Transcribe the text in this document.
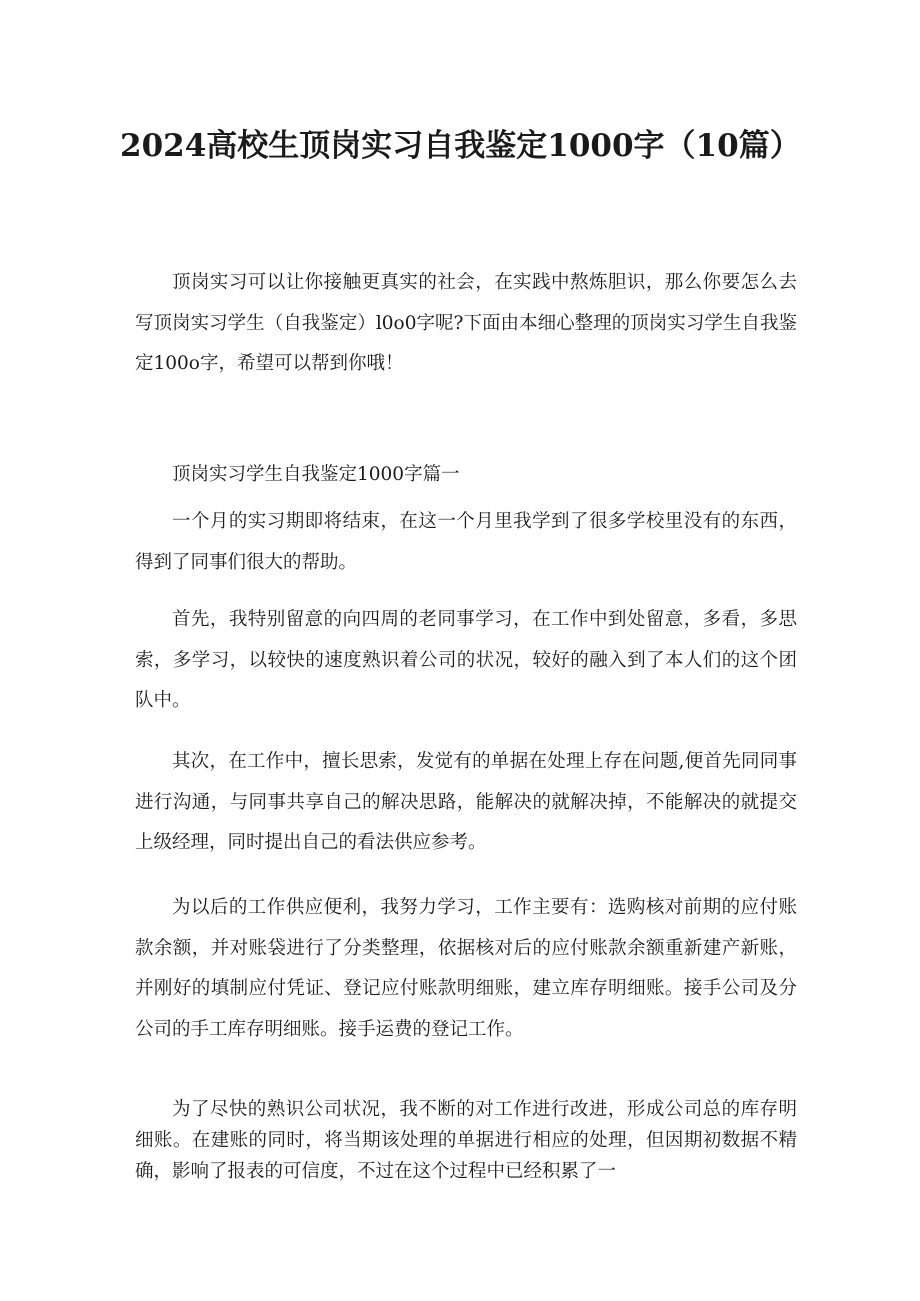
2024高校生顶岗实习自我鉴定1000字（10篇）

顶岗实习可以让你接触更真实的社会，在实践中熬炼胆识，那么你要怎么去写顶岗实习学生（自我鉴定）l0o0字呢?下面由本细心整理的顶岗实习学生自我鉴定100o字，希望可以帮到你哦！

顶岗实习学生自我鉴定1000字篇一

一个月的实习期即将结束，在这一个月里我学到了很多学校里没有的东西，得到了同事们很大的帮助。

首先，我特别留意的向四周的老同事学习，在工作中到处留意，多看，多思索，多学习，以较快的速度熟识着公司的状况，较好的融入到了本人们的这个团队中。

其次，在工作中，擅长思索，发觉有的单据在处理上存在问题,便首先同同事进行沟通，与同事共享自己的解决思路，能解决的就解决掉，不能解决的就提交上级经理，同时提出自己的看法供应参考。

为以后的工作供应便利，我努力学习，工作主要有：选购核对前期的应付账款余额，并对账袋进行了分类整理，依据核对后的应付账款余额重新建产新账，并刚好的填制应付凭证、登记应付账款明细账，建立库存明细账。接手公司及分公司的手工库存明细账。接手运费的登记工作。

为了尽快的熟识公司状况，我不断的对工作进行改进，形成公司总的库存明细账。在建账的同时，将当期该处理的单据进行相应的处理，但因期初数据不精确，影响了报表的可信度，不过在这个过程中已经积累了一
